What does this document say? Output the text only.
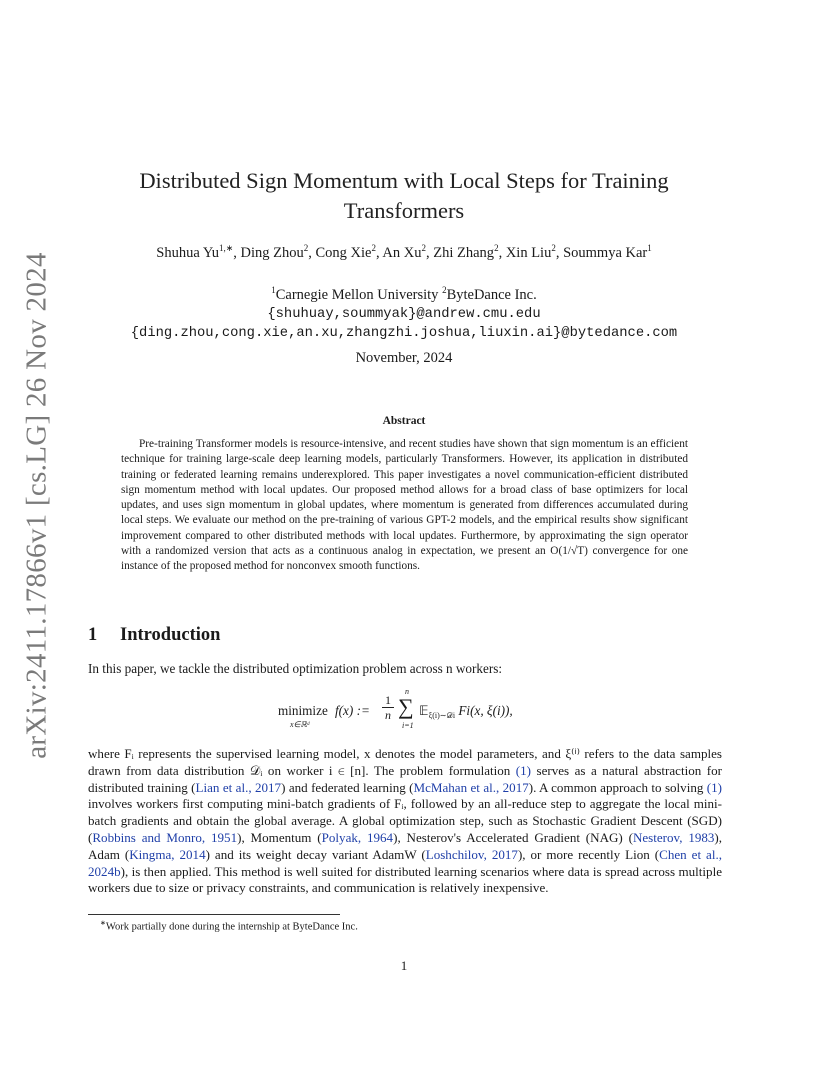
arXiv:2411.17866v1 [cs.LG] 26 Nov 2024
Distributed Sign Momentum with Local Steps for Training Transformers
Shuhua $Yu^{1,∗}$, Ding Zhou$^2$, Cong Xie$^2$, An Xu$^2$, Zhi Zhang$^2$, Xin Liu$^2$, Soummya Kar$^1$
$^1$Carnegie Mellon University $^2$ByteDance Inc.
{shuhuay,soummyak}@andrew.cmu.edu
{ding.zhou,cong.xie,an.xu,zhangzhi.joshua,liuxin.ai}@bytedance.com
November, 2024
Abstract

Pre-training Transformer models is resource-intensive, and recent studies have shown that sign momentum is an efficient technique for training large-scale deep learning models, particularly Transformers. However, its application in distributed training or federated learning remains underexplored. This paper investigates a novel communication-efficient distributed sign momentum method with local updates. Our proposed method allows for a broad class of base optimizers for local updates, and uses sign momentum in global updates, where momentum is generated from differences accumulated during local steps. We evaluate our method on the pre-training of various GPT-2 models, and the empirical results show significant improvement compared to other distributed methods with local updates. Furthermore, by approximating the sign operator with a randomized version that acts as a continuous analog in expectation, we present an O(1/√T) convergence for one instance of the proposed method for nonconvex smooth functions.

1 Introduction

In this paper, we tackle the distributed optimization problem across n workers:

minimize
x∈ℝᵈ
f(x) := $\frac{1}{n}$ ∑
n
i=1
𝔼$_{\xi(i)\sim 𝒟i}$ Fi(x, ξ(i)),

where Fᵢ represents the supervised learning model, x denotes the model parameters, and ξ⁽ⁱ⁾ refers to the data samples drawn from data distribution 𝒟ᵢ on worker i ∈ [n]. The problem formulation (1) serves as a natural abstraction for distributed training (Lian et al., 2017) and federated learning (McMahan et al., 2017). A common approach to solving (1) involves workers first computing mini-batch gradients of Fᵢ, followed by an all-reduce step to aggregate the local mini-batch gradients and obtain the global average. A global optimization step, such as Stochastic Gradient Descent (SGD) (Robbins and Monro, 1951), Momentum (Polyak, 1964), Nesterov's Accelerated Gradient (NAG) (Nesterov, 1983), Adam (Kingma, 2014) and its weight decay variant AdamW (Loshchilov, 2017), or more recently Lion (Chen et al., 2024b), is then applied. This method is well suited for distributed learning scenarios where data is spread across multiple workers due to size or privacy constraints, and communication is relatively inexpensive.

∗Work partially done during the internship at ByteDance Inc.

1
